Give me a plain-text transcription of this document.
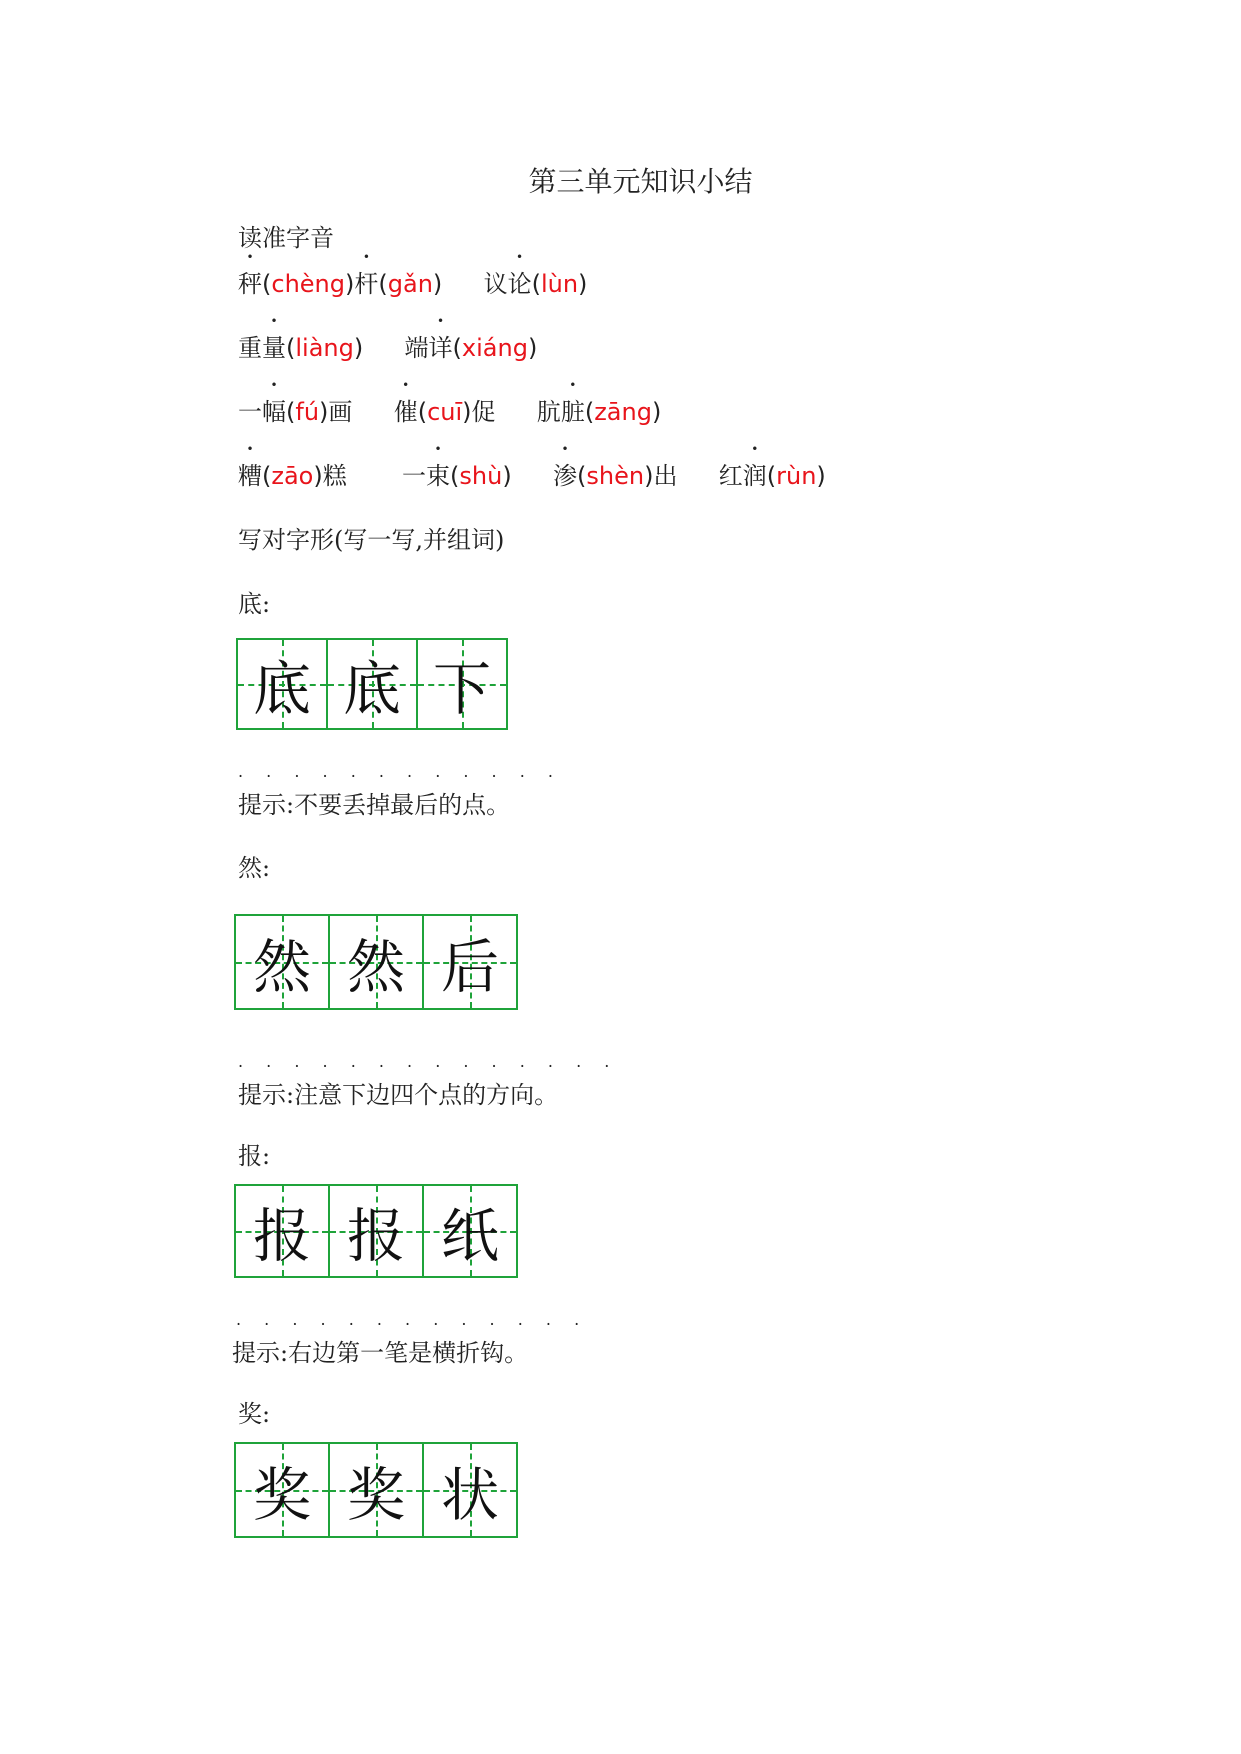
第三单元知识小结
读准字音
秤(chèng)杆(gǎn) 议论(lùn)
重量(liàng) 端详(xiáng)
一幅(fú)画 催(cuī)促 肮脏(zāng)
糟(zāo)糕 一束(shù) 渗(shèn)出 红润(rùn)
写对字形(写一写,并组词)
底:
底 底 下
. . . . . . . . . . . .
提示:不要丢掉最后的点。
然:
然 然 后
. . . . . . . . . . . . . .
提示:注意下边四个点的方向。
报:
报 报 纸
. . . . . . . . . . . . .
提示:右边第一笔是横折钩。
奖:
奖 奖 状
